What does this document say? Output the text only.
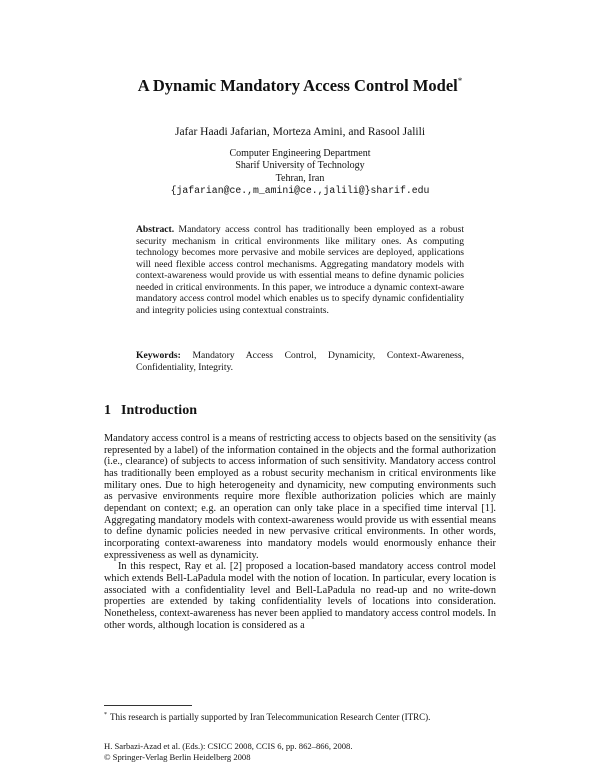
A Dynamic Mandatory Access Control Model*
Jafar Haadi Jafarian, Morteza Amini, and Rasool Jalili
Computer Engineering Department
Sharif University of Technology
Tehran, Iran
{jafarian@ce.,m_amini@ce.,jalili@}sharif.edu
Abstract. Mandatory access control has traditionally been employed as a robust security mechanism in critical environments like military ones. As computing technology becomes more pervasive and mobile services are deployed, applications will need flexible access control mechanisms. Aggregating mandatory models with context-awareness would provide us with essential means to define dynamic policies needed in critical environments. In this paper, we introduce a dynamic context-aware mandatory access control model which enables us to specify dynamic confidentiality and integrity policies using contextual constraints.
Keywords: Mandatory Access Control, Dynamicity, Context-Awareness, Confidentiality, Integrity.
1 Introduction

Mandatory access control is a means of restricting access to objects based on the sensitivity (as represented by a label) of the information contained in the objects and the formal authorization (i.e., clearance) of subjects to access information of such sensitivity. Mandatory access control has traditionally been employed as a robust security mechanism in critical environments like military ones. Due to high heterogeneity and dynamicity, new computing environments such as pervasive environments require more flexible authorization policies which are mainly dependant on context; e.g. an operation can only take place in a specified time interval [1]. Aggregating mandatory models with context-awareness would provide us with essential means to define dynamic policies needed in new pervasive critical environments. In other words, incorporating context-awareness into mandatory models would enormously enhance their expressiveness as well as dynamicity.

In this respect, Ray et al. [2] proposed a location-based mandatory access control model which extends Bell-LaPadula model with the notion of location. In particular, every location is associated with a confidentiality level and Bell-LaPadula no read-up and no write-down properties are extended by taking confidentiality levels of locations into consideration. Nonetheless, context-awareness has never been applied to mandatory access control models. In other words, although location is considered as a

* This research is partially supported by Iran Telecommunication Research Center (ITRC).
H. Sarbazi-Azad et al. (Eds.): CSICC 2008, CCIS 6, pp. 862–866, 2008.
© Springer-Verlag Berlin Heidelberg 2008
